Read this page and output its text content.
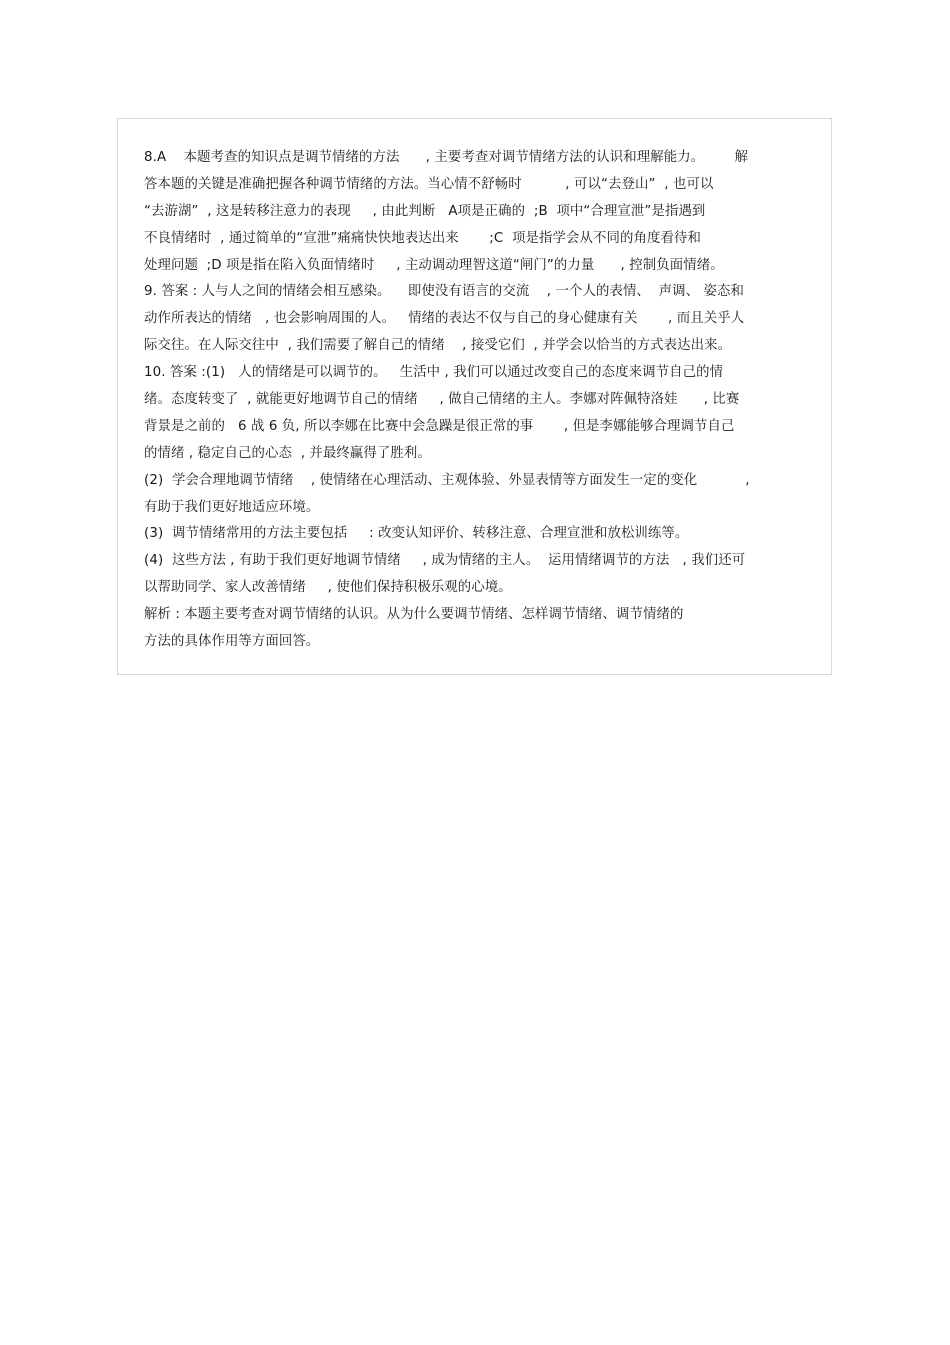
8.A    本题考查的知识点是调节情绪的方法      , 主要考查对调节情绪方法的认识和理解能力。       解
答本题的关键是准确把握各种调节情绪的方法。当心情不舒畅时          , 可以“去登山”  , 也可以
“去游湖”  , 这是转移注意力的表现     , 由此判断   A项是正确的  ;B  项中“合理宣泄”是指遇到
不良情绪时  , 通过简单的“宣泄”痛痛快快地表达出来       ;C  项是指学会从不同的角度看待和
处理问题  ;D 项是指在陷入负面情绪时     , 主动调动理智这道“闸门”的力量      , 控制负面情绪。
9. 答案 : 人与人之间的情绪会相互感染。    即使没有语言的交流    , 一个人的表情、  声调、 姿态和
动作所表达的情绪   , 也会影响周围的人。   情绪的表达不仅与自己的身心健康有关       , 而且关乎人
际交往。在人际交往中  , 我们需要了解自己的情绪    , 接受它们  , 并学会以恰当的方式表达出来。
10. 答案 :(1)   人的情绪是可以调节的。   生活中 , 我们可以通过改变自己的态度来调节自己的情
绪。态度转变了  , 就能更好地调节自己的情绪     , 做自己情绪的主人。李娜对阵佩特洛娃      , 比赛
背景是之前的   6 战 6 负, 所以李娜在比赛中会急躁是很正常的事       , 但是李娜能够合理调节自己
的情绪 , 稳定自己的心态  , 并最终赢得了胜利。
(2)  学会合理地调节情绪    , 使情绪在心理活动、主观体验、外显表情等方面发生一定的变化           ,
有助于我们更好地适应环境。
(3)  调节情绪常用的方法主要包括     : 改变认知评价、转移注意、合理宣泄和放松训练等。
(4)  这些方法 , 有助于我们更好地调节情绪     , 成为情绪的主人。  运用情绪调节的方法   , 我们还可
以帮助同学、家人改善情绪     , 使他们保持积极乐观的心境。
解析 : 本题主要考查对调节情绪的认识。从为什么要调节情绪、怎样调节情绪、调节情绪的
方法的具体作用等方面回答。
